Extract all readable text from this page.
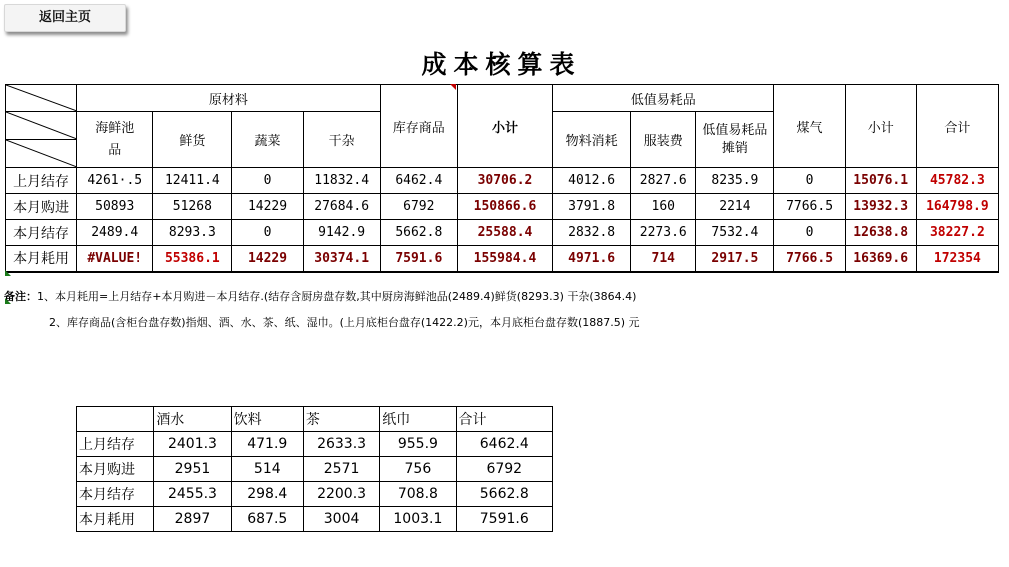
返回主页
成本核算表
	原材料				库存商品	小计	低值易耗品			煤气	小计	合计

	海鲜池品	鲜货	蔬菜	干杂			物料消耗	服装费	低值易耗品摊销			

上月结存	4261·.5	12411.4	0	11832.4	6462.4	30706.2	4012.6	2827.6	8235.9	0	15076.1	45782.3
本月购进	50893	51268	14229	27684.6	6792	150866.6	3791.8	160	2214	7766.5	13932.3	164798.9
本月结存	2489.4	8293.3	0	9142.9	5662.8	25588.4	2832.8	2273.6	7532.4	0	12638.8	38227.2
本月耗用	#VALUE!	55386.1	14229	30374.1	7591.6	155984.4	4971.6	714	2917.5	7766.5	16369.6	172354
备注：1、本月耗用=上月结存+本月购进－本月结存.(结存含厨房盘存数,其中厨房海鲜池品(2489.4)鲜货(8293.3) 干杂(3864.4)
2、库存商品(含柜台盘存数)指烟、酒、水、茶、纸、湿巾。(上月底柜台盘存(1422.2)元，本月底柜台盘存数(1887.5) 元
	酒水	饮料	茶	纸巾	合计
上月结存	2401.3	471.9	2633.3	955.9	6462.4
本月购进	2951	514	2571	756	6792
本月结存	2455.3	298.4	2200.3	708.8	5662.8
本月耗用	2897	687.5	3004	1003.1	7591.6
